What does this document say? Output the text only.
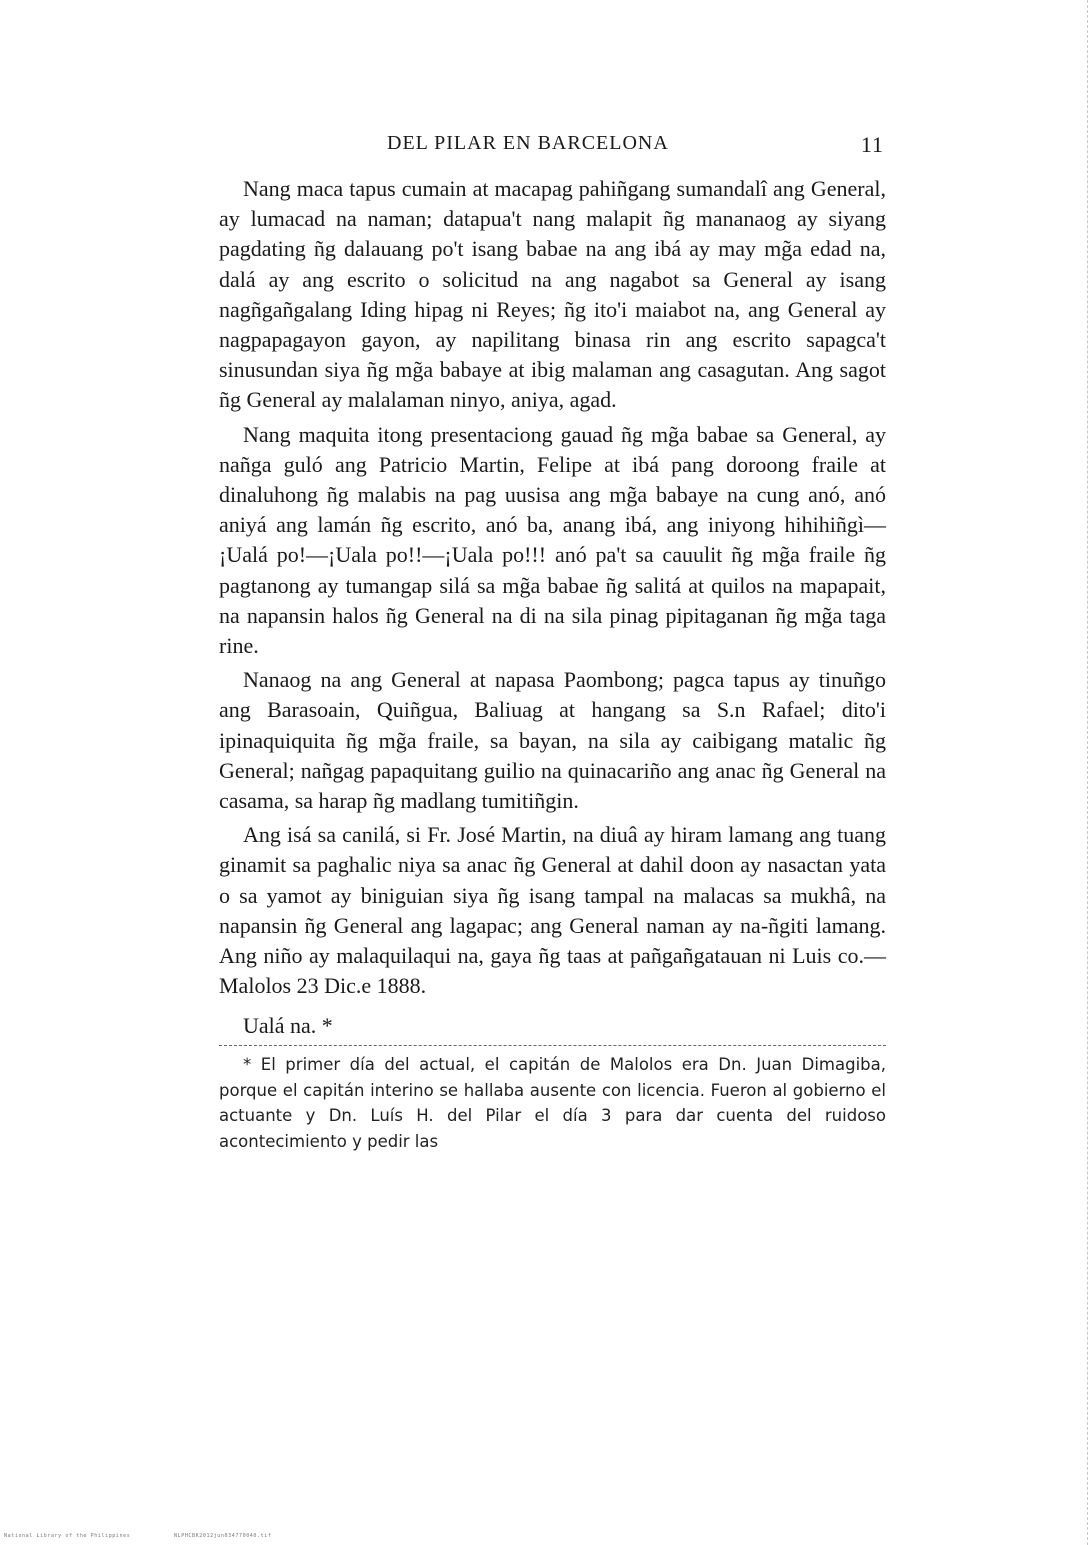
DEL PILAR EN BARCELONA	11

Nang maca tapus cumain at macapag pahiñgang sumandalî ang General, ay lumacad na naman; datapua't nang malapit ñg mananaog ay siyang pagdating ñg dalauang po't isang babae na ang ibá ay may mg̃a edad na, dalá ay ang escrito o solicitud na ang nagabot sa General ay isang nagñgañgalang Iding hipag ni Reyes; ñg ito'i maiabot na, ang General ay nagpapagayon gayon, ay napilitang binasa rin ang escrito sapagca't sinusundan siya ñg mg̃a babaye at ibig malaman ang casagutan. Ang sagot ñg General ay malalaman ninyo, aniya, agad.

Nang maquita itong presentaciong gauad ñg mg̃a babae sa General, ay nañga guló ang Patricio Martin, Felipe at ibá pang doroong fraile at dinaluhong ñg malabis na pag uusisa ang mg̃a babaye na cung anó, anó aniyá ang lamán ñg escrito, anó ba, anang ibá, ang iniyong hihihiñgì—¡Ualá po!—¡Uala po!!—¡Uala po!!! anó pa't sa cauulit ñg mg̃a fraile ñg pagtanong ay tumangap silá sa mg̃a babae ñg salitá at quilos na mapapait, na napansin halos ñg General na di na sila pinag pipitaganan ñg mg̃a taga rine.

Nanaog na ang General at napasa Paombong; pagca tapus ay tinuñgo ang Barasoain, Quiñgua, Baliuag at hangang sa S.n Rafael; dito'i ipinaquiquita ñg mg̃a fraile, sa bayan, na sila ay caibigang matalic ñg General; nañgag papaquitang guilio na quinacariño ang anac ñg General na casama, sa harap ñg madlang tumitiñgin.

Ang isá sa canilá, si Fr. José Martin, na diuâ ay hiram lamang ang tuang ginamit sa paghalic niya sa anac ñg General at dahil doon ay nasactan yata o sa yamot ay biniguian siya ñg isang tampal na malacas sa mukhâ, na napansin ñg General ang lagapac; ang General naman ay na-ñgiti lamang. Ang niño ay malaquilaqui na, gaya ñg taas at pañgañgatauan ni Luis co.—Malolos 23 Dic.e 1888.

Ualá na. *

* El primer día del actual, el capitán de Malolos era Dn. Juan Dimagiba, porque el capitán interino se hallaba ausente con licencia. Fueron al gobierno el actuante y Dn. Luís H. del Pilar el día 3 para dar cuenta del ruidoso acontecimiento y pedir las

National Library of the Philippines	NLPHCBK2012jun034770040.tif
